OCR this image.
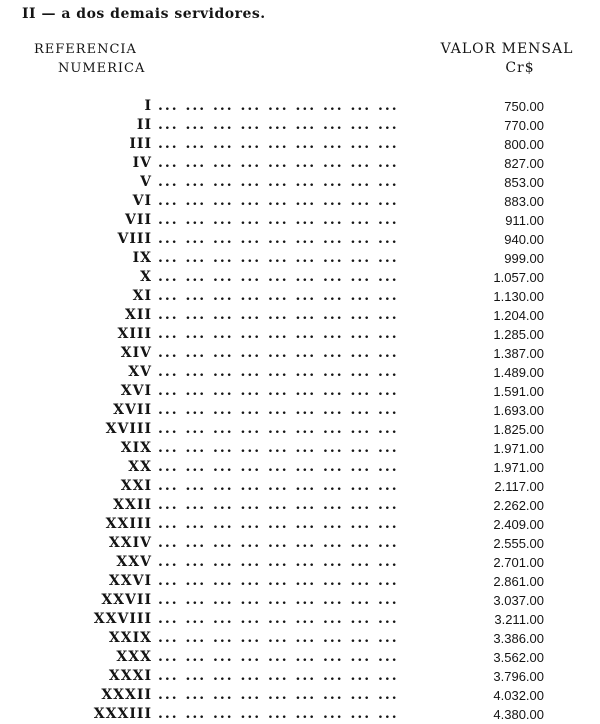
II — a dos demais servidores.
REFERENCIA
NUMERICA
VALOR MENSAL
Cr$
I ... ... ... ... ... ... ... ... ...	750.00
II ... ... ... ... ... ... ... ... ...	770.00
III ... ... ... ... ... ... ... ... ...	800.00
IV ... ... ... ... ... ... ... ... ...	827.00
V ... ... ... ... ... ... ... ... ...	853.00
VI ... ... ... ... ... ... ... ... ...	883.00
VII ... ... ... ... ... ... ... ... ...	911.00
VIII ... ... ... ... ... ... ... ... ...	940.00
IX ... ... ... ... ... ... ... ... ...	999.00
X ... ... ... ... ... ... ... ... ...	1.057.00
XI ... ... ... ... ... ... ... ... ...	1.130.00
XII ... ... ... ... ... ... ... ... ...	1.204.00
XIII ... ... ... ... ... ... ... ... ...	1.285.00
XIV ... ... ... ... ... ... ... ... ...	1.387.00
XV ... ... ... ... ... ... ... ... ...	1.489.00
XVI ... ... ... ... ... ... ... ... ...	1.591.00
XVII ... ... ... ... ... ... ... ... ...	1.693.00
XVIII ... ... ... ... ... ... ... ... ...	1.825.00
XIX ... ... ... ... ... ... ... ... ...	1.971.00
XX ... ... ... ... ... ... ... ... ...	1.971.00
XXI ... ... ... ... ... ... ... ... ...	2.117.00
XXII ... ... ... ... ... ... ... ... ...	2.262.00
XXIII ... ... ... ... ... ... ... ... ...	2.409.00
XXIV ... ... ... ... ... ... ... ... ...	2.555.00
XXV ... ... ... ... ... ... ... ... ...	2.701.00
XXVI ... ... ... ... ... ... ... ... ...	2.861.00
XXVII ... ... ... ... ... ... ... ... ...	3.037.00
XXVIII ... ... ... ... ... ... ... ... ...	3.211.00
XXIX ... ... ... ... ... ... ... ... ...	3.386.00
XXX ... ... ... ... ... ... ... ... ...	3.562.00
XXXI ... ... ... ... ... ... ... ... ...	3.796.00
XXXII ... ... ... ... ... ... ... ... ...	4.032.00
XXXIII ... ... ... ... ... ... ... ... ...	4.380.00
